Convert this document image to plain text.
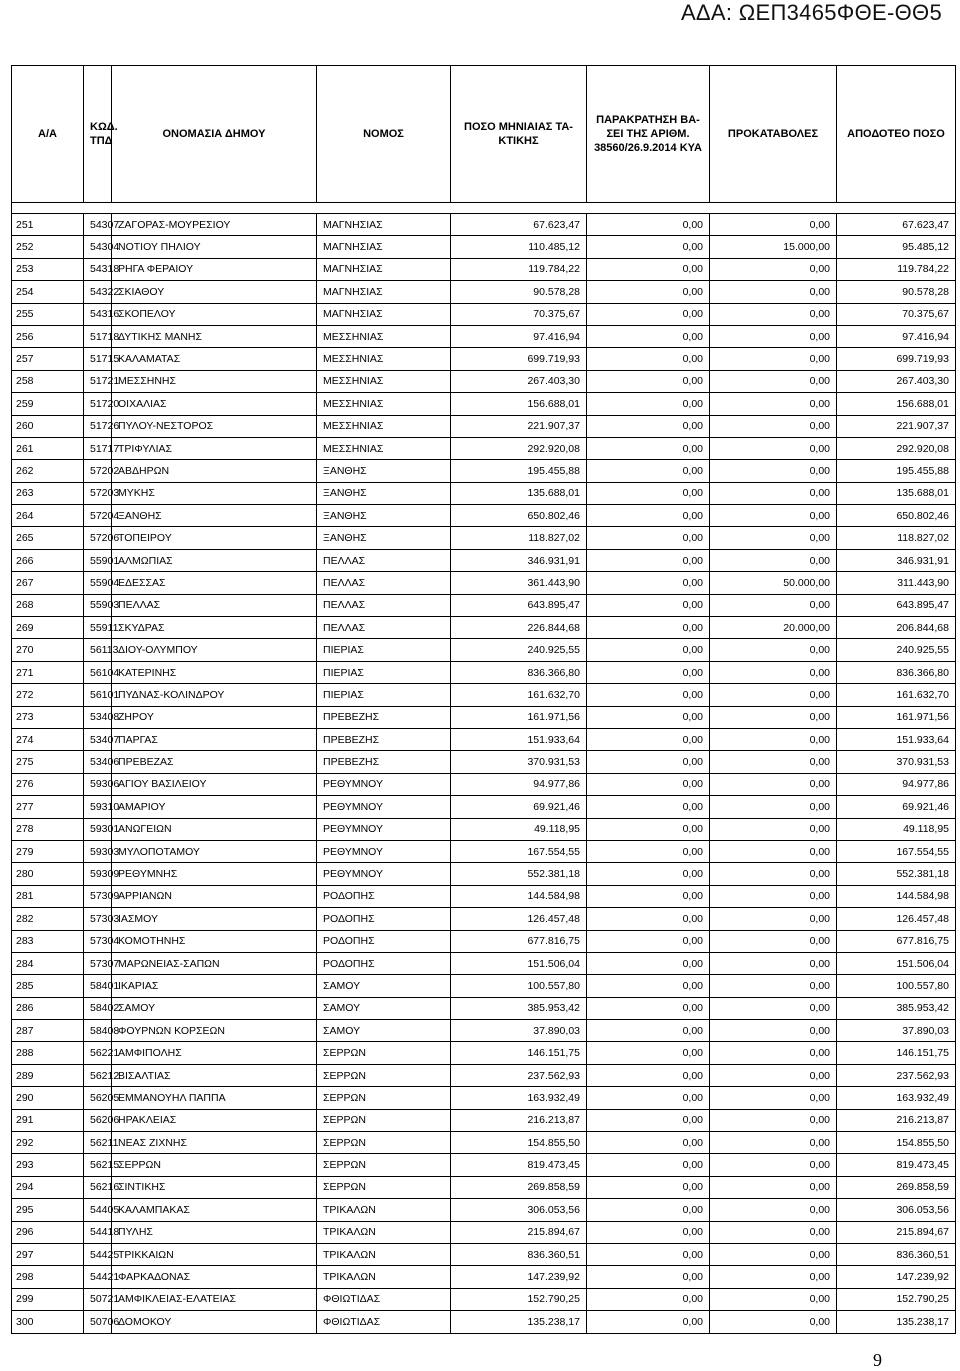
ΑΔΑ: ΩΕΠ3465ΦΘΕ-ΘΘ5
Α/Α	ΚΩΔ. ΤΠΔ	ΟΝΟΜΑΣΙΑ ΔΗΜΟΥ	ΝΟΜΟΣ	ΠΟΣΟ ΜΗΝΙΑΙΑΣ ΤΑ-ΚΤΙΚΗΣ	ΠΑΡΑΚΡΑΤΗΣΗ ΒΑ-ΣΕΙ ΤΗΣ ΑΡΙΘΜ. 38560/26.9.2014 ΚΥΑ	ΠΡΟΚΑΤΑΒΟΛΕΣ	ΑΠΟΔΟΤΕΟ ΠΟΣΟ

251	54307	ΖΑΓΟΡΑΣ-ΜΟΥΡΕΣΙΟΥ	ΜΑΓΝΗΣΙΑΣ	67.623,47	0,00	0,00	67.623,47
252	54304	ΝΟΤΙΟΥ ΠΗΛΙΟΥ	ΜΑΓΝΗΣΙΑΣ	110.485,12	0,00	15.000,00	95.485,12
253	54318	ΡΗΓΑ ΦΕΡΑΙΟΥ	ΜΑΓΝΗΣΙΑΣ	119.784,22	0,00	0,00	119.784,22
254	54322	ΣΚΙΑΘΟΥ	ΜΑΓΝΗΣΙΑΣ	90.578,28	0,00	0,00	90.578,28
255	54316	ΣΚΟΠΕΛΟΥ	ΜΑΓΝΗΣΙΑΣ	70.375,67	0,00	0,00	70.375,67
256	51718	ΔΥΤΙΚΗΣ ΜΑΝΗΣ	ΜΕΣΣΗΝΙΑΣ	97.416,94	0,00	0,00	97.416,94
257	51715	ΚΑΛΑΜΑΤΑΣ	ΜΕΣΣΗΝΙΑΣ	699.719,93	0,00	0,00	699.719,93
258	51721	ΜΕΣΣΗΝΗΣ	ΜΕΣΣΗΝΙΑΣ	267.403,30	0,00	0,00	267.403,30
259	51720	ΟΙΧΑΛΙΑΣ	ΜΕΣΣΗΝΙΑΣ	156.688,01	0,00	0,00	156.688,01
260	51726	ΠΥΛΟΥ-ΝΕΣΤΟΡΟΣ	ΜΕΣΣΗΝΙΑΣ	221.907,37	0,00	0,00	221.907,37
261	51717	ΤΡΙΦΥΛΙΑΣ	ΜΕΣΣΗΝΙΑΣ	292.920,08	0,00	0,00	292.920,08
262	57202	ΑΒΔΗΡΩΝ	ΞΑΝΘΗΣ	195.455,88	0,00	0,00	195.455,88
263	57203	ΜΥΚΗΣ	ΞΑΝΘΗΣ	135.688,01	0,00	0,00	135.688,01
264	57204	ΞΑΝΘΗΣ	ΞΑΝΘΗΣ	650.802,46	0,00	0,00	650.802,46
265	57206	ΤΟΠΕΙΡΟΥ	ΞΑΝΘΗΣ	118.827,02	0,00	0,00	118.827,02
266	55901	ΑΛΜΩΠΙΑΣ	ΠΕΛΛΑΣ	346.931,91	0,00	0,00	346.931,91
267	55904	ΕΔΕΣΣΑΣ	ΠΕΛΛΑΣ	361.443,90	0,00	50.000,00	311.443,90
268	55903	ΠΕΛΛΑΣ	ΠΕΛΛΑΣ	643.895,47	0,00	0,00	643.895,47
269	55911	ΣΚΥΔΡΑΣ	ΠΕΛΛΑΣ	226.844,68	0,00	20.000,00	206.844,68
270	56113	ΔΙΟΥ-ΟΛΥΜΠΟΥ	ΠΙΕΡΙΑΣ	240.925,55	0,00	0,00	240.925,55
271	56104	ΚΑΤΕΡΙΝΗΣ	ΠΙΕΡΙΑΣ	836.366,80	0,00	0,00	836.366,80
272	56101	ΠΥΔΝΑΣ-ΚΟΛΙΝΔΡΟΥ	ΠΙΕΡΙΑΣ	161.632,70	0,00	0,00	161.632,70
273	53408	ΖΗΡΟΥ	ΠΡΕΒΕΖΗΣ	161.971,56	0,00	0,00	161.971,56
274	53407	ΠΑΡΓΑΣ	ΠΡΕΒΕΖΗΣ	151.933,64	0,00	0,00	151.933,64
275	53406	ΠΡΕΒΕΖΑΣ	ΠΡΕΒΕΖΗΣ	370.931,53	0,00	0,00	370.931,53
276	59306	ΑΓΙΟΥ ΒΑΣΙΛΕΙΟΥ	ΡΕΘΥΜΝΟΥ	94.977,86	0,00	0,00	94.977,86
277	59310	ΑΜΑΡΙΟΥ	ΡΕΘΥΜΝΟΥ	69.921,46	0,00	0,00	69.921,46
278	59301	ΑΝΩΓΕΙΩΝ	ΡΕΘΥΜΝΟΥ	49.118,95	0,00	0,00	49.118,95
279	59303	ΜΥΛΟΠΟΤΑΜΟΥ	ΡΕΘΥΜΝΟΥ	167.554,55	0,00	0,00	167.554,55
280	59309	ΡΕΘΥΜΝΗΣ	ΡΕΘΥΜΝΟΥ	552.381,18	0,00	0,00	552.381,18
281	57309	ΑΡΡΙΑΝΩΝ	ΡΟΔΟΠΗΣ	144.584,98	0,00	0,00	144.584,98
282	57303	ΙΑΣΜΟΥ	ΡΟΔΟΠΗΣ	126.457,48	0,00	0,00	126.457,48
283	57304	ΚΟΜΟΤΗΝΗΣ	ΡΟΔΟΠΗΣ	677.816,75	0,00	0,00	677.816,75
284	57307	ΜΑΡΩΝΕΙΑΣ-ΣΑΠΩΝ	ΡΟΔΟΠΗΣ	151.506,04	0,00	0,00	151.506,04
285	58401	ΙΚΑΡΙΑΣ	ΣΑΜΟΥ	100.557,80	0,00	0,00	100.557,80
286	58402	ΣΑΜΟΥ	ΣΑΜΟΥ	385.953,42	0,00	0,00	385.953,42
287	58408	ΦΟΥΡΝΩΝ ΚΟΡΣΕΩΝ	ΣΑΜΟΥ	37.890,03	0,00	0,00	37.890,03
288	56221	ΑΜΦΙΠΟΛΗΣ	ΣΕΡΡΩΝ	146.151,75	0,00	0,00	146.151,75
289	56212	ΒΙΣΑΛΤΙΑΣ	ΣΕΡΡΩΝ	237.562,93	0,00	0,00	237.562,93
290	56205	ΕΜΜΑΝΟΥΗΛ ΠΑΠΠΑ	ΣΕΡΡΩΝ	163.932,49	0,00	0,00	163.932,49
291	56206	ΗΡΑΚΛΕΙΑΣ	ΣΕΡΡΩΝ	216.213,87	0,00	0,00	216.213,87
292	56211	ΝΕΑΣ ΖΙΧΝΗΣ	ΣΕΡΡΩΝ	154.855,50	0,00	0,00	154.855,50
293	56215	ΣΕΡΡΩΝ	ΣΕΡΡΩΝ	819.473,45	0,00	0,00	819.473,45
294	56216	ΣΙΝΤΙΚΗΣ	ΣΕΡΡΩΝ	269.858,59	0,00	0,00	269.858,59
295	54405	ΚΑΛΑΜΠΑΚΑΣ	ΤΡΙΚΑΛΩΝ	306.053,56	0,00	0,00	306.053,56
296	54418	ΠΥΛΗΣ	ΤΡΙΚΑΛΩΝ	215.894,67	0,00	0,00	215.894,67
297	54425	ΤΡΙΚΚΑΙΩΝ	ΤΡΙΚΑΛΩΝ	836.360,51	0,00	0,00	836.360,51
298	54421	ΦΑΡΚΑΔΟΝΑΣ	ΤΡΙΚΑΛΩΝ	147.239,92	0,00	0,00	147.239,92
299	50721	ΑΜΦΙΚΛΕΙΑΣ-ΕΛΑΤΕΙΑΣ	ΦΘΙΩΤΙΔΑΣ	152.790,25	0,00	0,00	152.790,25
300	50706	ΔΟΜΟΚΟΥ	ΦΘΙΩΤΙΔΑΣ	135.238,17	0,00	0,00	135.238,17
9
